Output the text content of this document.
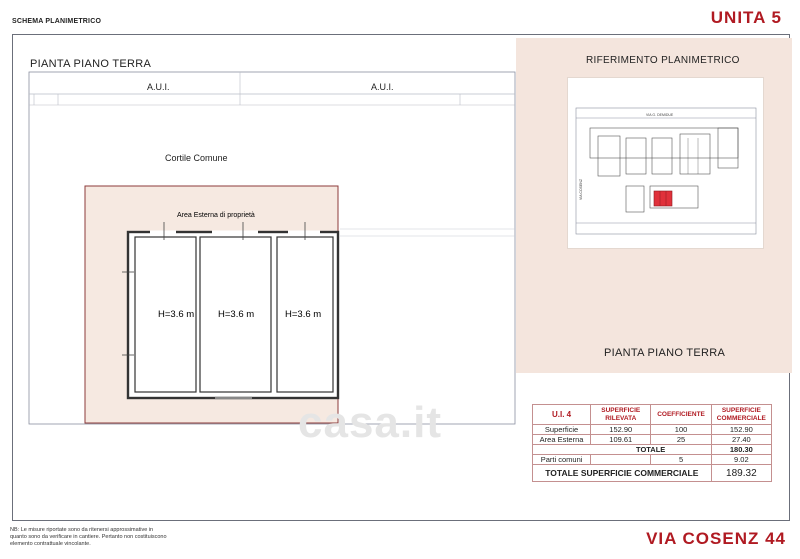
SCHEMA PLANIMETRICO	UNITA 5
H=3.6 m	H=3.6 m	H=3.6 m
Area Esterna di proprietà
PIANTA PIANO TERRA
A.U.I.	A.U.I.
Cortile Comune
RIFERIMENTO PLANIMETRICO
VIA G. DEMIDUE
VIA COSENZ
PIANTA PIANO TERRA
casa.it	U.I. 4	SUPERFICIE RILEVATA	COEFFICIENTE	SUPERFICIE COMMERCIALE
Superficie	152.90	100	152.90
Area Esterna	109.61	25	27.40
	TOTALE		180.30
Parti comuni		5	9.02
TOTALE SUPERFICIE COMMERCIALE			189.32
NB: Le misure riportate sono da ritenersi approssimative in quanto sono da verificare in cantiere. Pertanto non costituiscono elemento contrattuale vincolante.	VIA COSENZ 44
